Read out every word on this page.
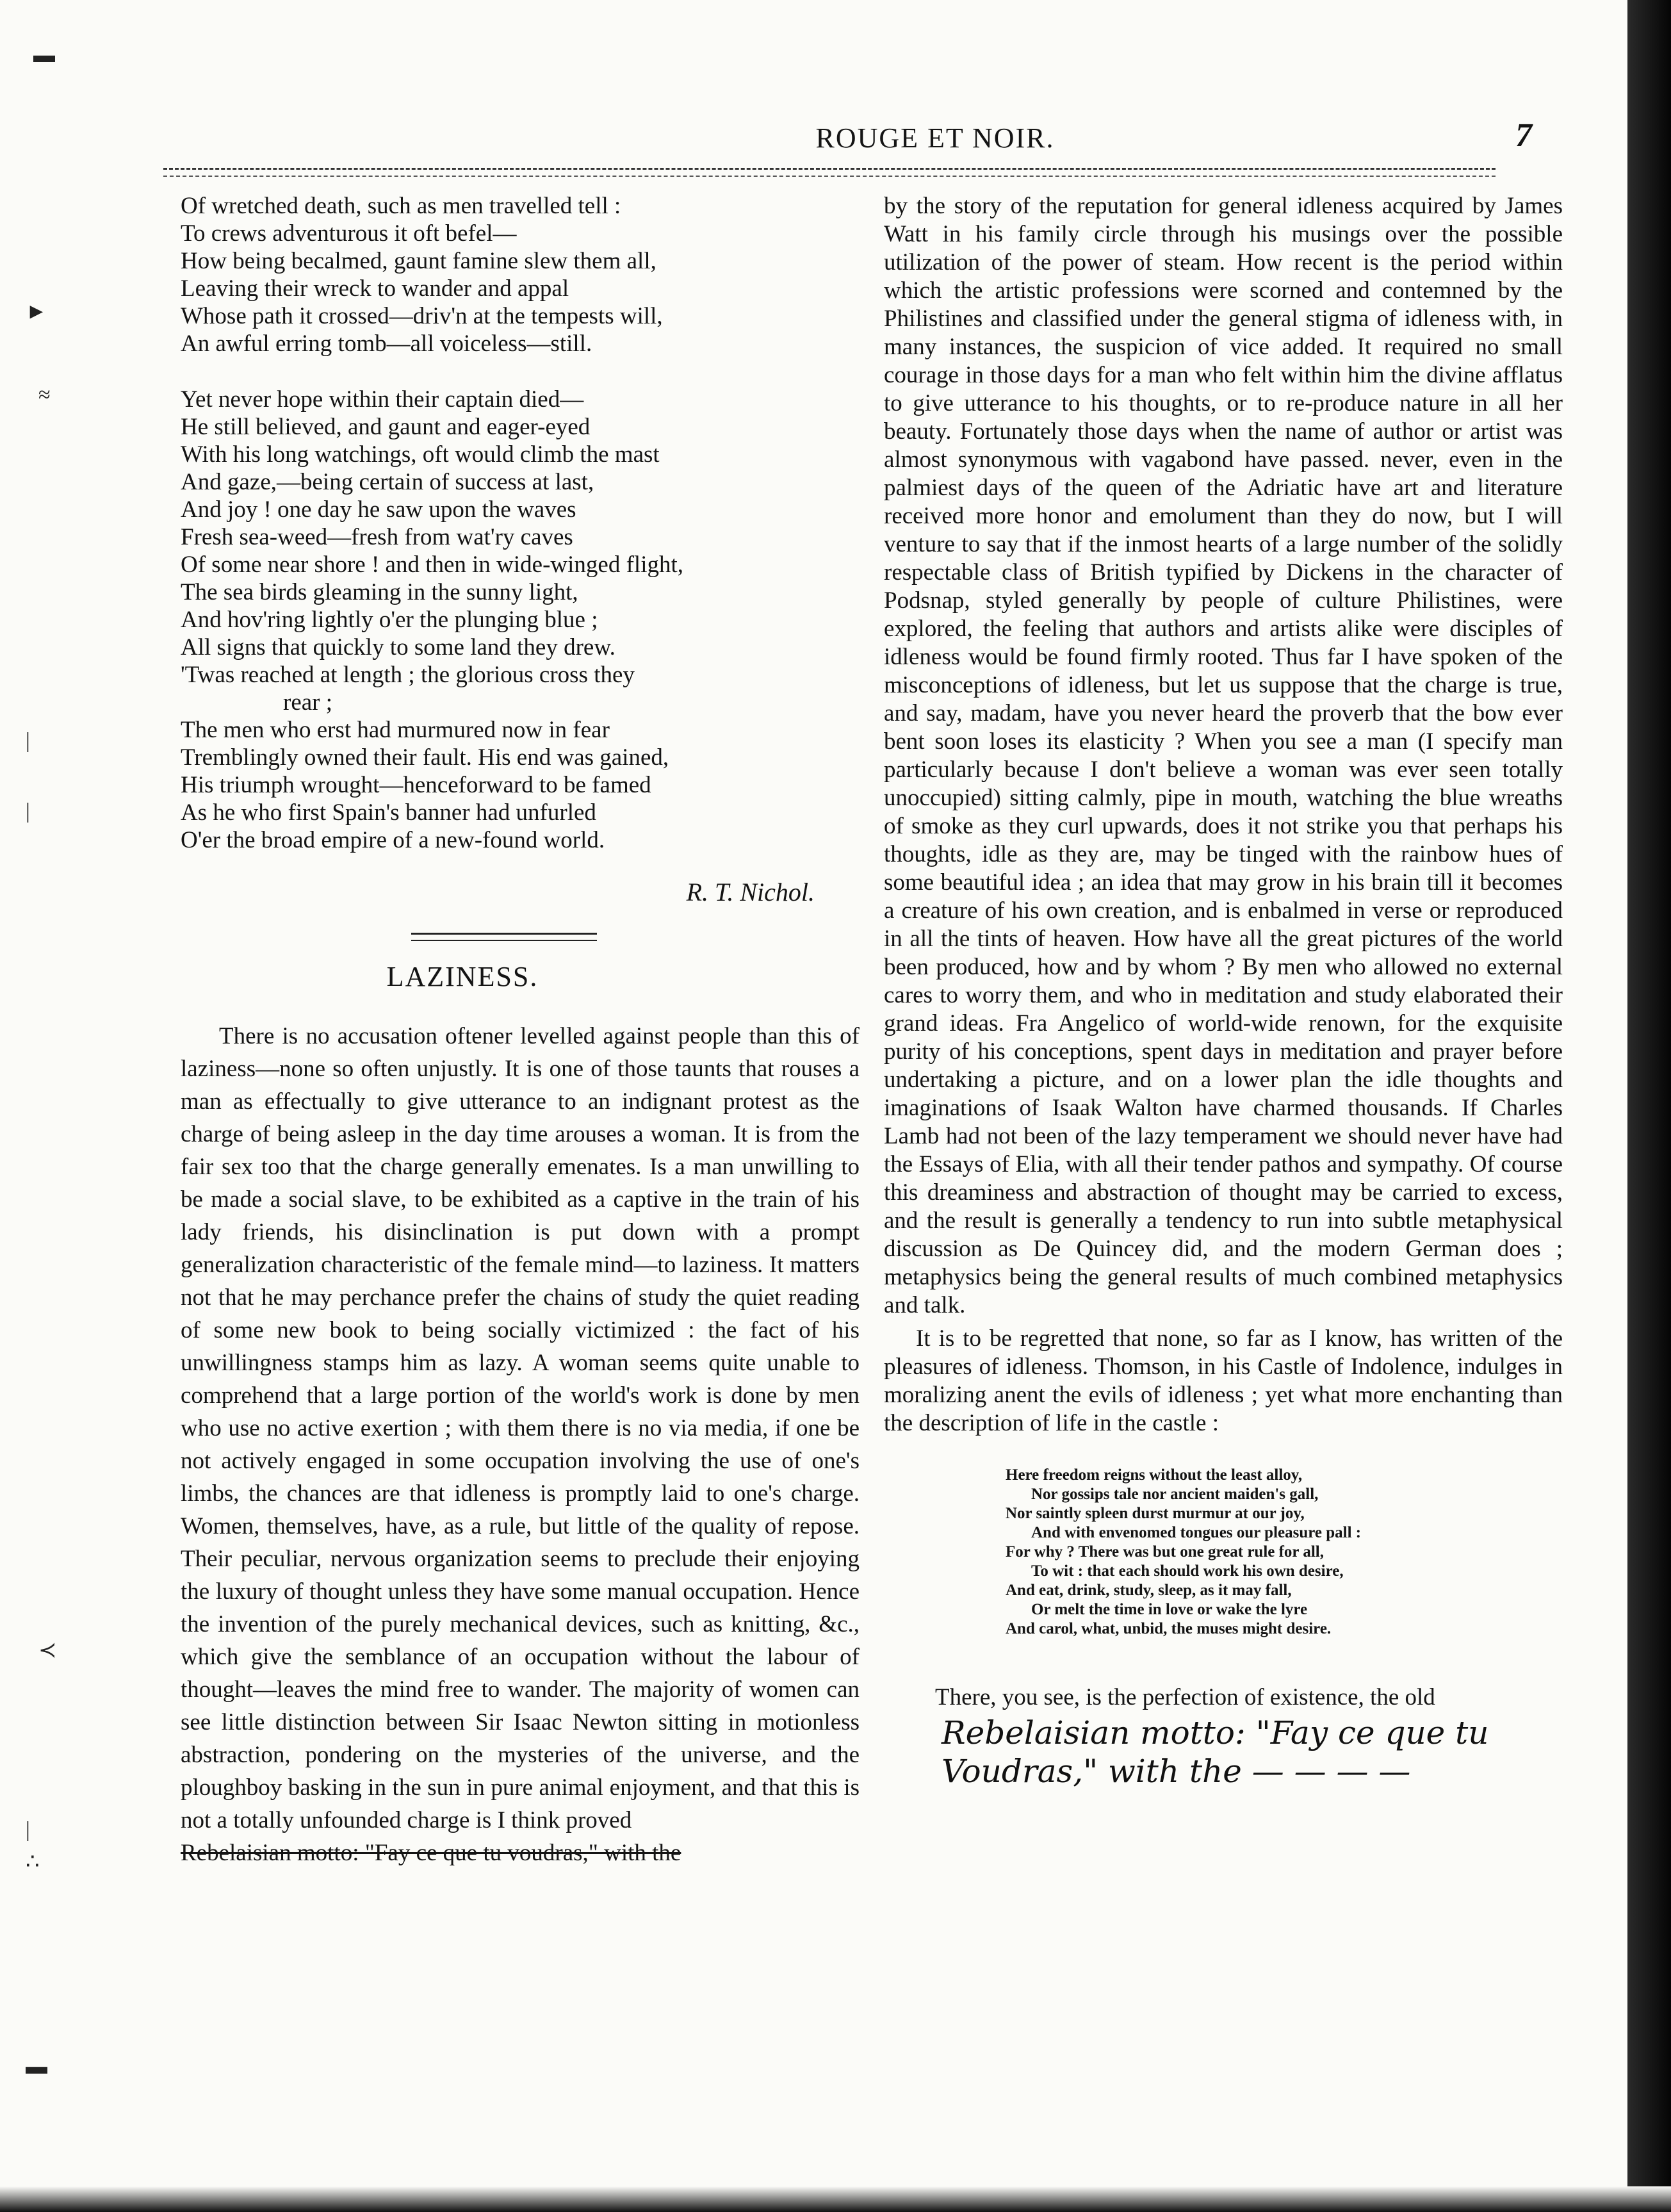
▬
►
≈
|
|
≺
|
∴
▬
ROUGE ET NOIR.	7
Of wretched death, such as men travelled tell :
To crews adventurous it oft befel—
How being becalmed, gaunt famine slew them all,
Leaving their wreck to wander and appal
Whose path it crossed—driv'n at the tempests will,
An awful erring tomb—all voiceless—still.
Yet never hope within their captain died—
He still believed, and gaunt and eager-eyed
With his long watchings, oft would climb the mast
And gaze,—being certain of success at last,
And joy ! one day he saw upon the waves
Fresh sea-weed—fresh from wat'ry caves
Of some near shore ! and then in wide-winged flight,
The sea birds gleaming in the sunny light,
And hov'ring lightly o'er the plunging blue ;
All signs that quickly to some land they drew.
'Twas reached at length ; the glorious cross they
rear ;
The men who erst had murmured now in fear
Tremblingly owned their fault. His end was gained,
His triumph wrought—henceforward to be famed
As he who first Spain's banner had unfurled
O'er the broad empire of a new-found world.
R. T. Nichol.
LAZINESS.
There is no accusation oftener levelled against people than this of laziness—none so often unjustly. It is one of those taunts that rouses a man as effectually to give utterance to an indignant protest as the charge of being asleep in the day time arouses a woman. It is from the fair sex too that the charge generally emenates. Is a man unwilling to be made a social slave, to be exhibited as a captive in the train of his lady friends, his disinclination is put down with a prompt generalization characteristic of the female mind—to laziness. It matters not that he may perchance prefer the chains of study the quiet reading of some new book to being socially victimized : the fact of his unwillingness stamps him as lazy. A woman seems quite unable to comprehend that a large portion of the world's work is done by men who use no active exertion ; with them there is no via media, if one be not actively engaged in some occupation involving the use of one's limbs, the chances are that idleness is promptly laid to one's charge. Women, themselves, have, as a rule, but little of the quality of repose. Their peculiar, nervous organization seems to preclude their enjoying the luxury of thought unless they have some manual occupation. Hence the invention of the purely mechanical devices, such as knitting, &c., which give the semblance of an occupation without the labour of thought—leaves the mind free to wander. The majority of women can see little distinction between Sir Isaac Newton sitting in motionless abstraction, pondering on the mysteries of the universe, and the ploughboy basking in the sun in pure animal enjoyment, and that this is not a totally unfounded charge is I think proved
Rebelaisian motto: "Fay ce que tu voudras," with the
by the story of the reputation for general idleness acquired by James Watt in his family circle through his musings over the possible utilization of the power of steam. How recent is the period within which the artistic professions were scorned and contemned by the Philistines and classified under the general stigma of idleness with, in many instances, the suspicion of vice added. It required no small courage in those days for a man who felt within him the divine afflatus to give utterance to his thoughts, or to re-produce nature in all her beauty. Fortunately those days when the name of author or artist was almost synonymous with vagabond have passed. never, even in the palmiest days of the queen of the Adriatic have art and literature received more honor and emolument than they do now, but I will venture to say that if the inmost hearts of a large number of the solidly respectable class of British typified by Dickens in the character of Podsnap, styled generally by people of culture Philistines, were explored, the feeling that authors and artists alike were disciples of idleness would be found firmly rooted. Thus far I have spoken of the misconceptions of idleness, but let us suppose that the charge is true, and say, madam, have you never heard the proverb that the bow ever bent soon loses its elasticity ? When you see a man (I specify man particularly because I don't believe a woman was ever seen totally unoccupied) sitting calmly, pipe in mouth, watching the blue wreaths of smoke as they curl upwards, does it not strike you that perhaps his thoughts, idle as they are, may be tinged with the rainbow hues of some beautiful idea ; an idea that may grow in his brain till it becomes a creature of his own creation, and is enbalmed in verse or reproduced in all the tints of heaven. How have all the great pictures of the world been produced, how and by whom ? By men who allowed no external cares to worry them, and who in meditation and study elaborated their grand ideas. Fra Angelico of world-wide renown, for the exquisite purity of his conceptions, spent days in meditation and prayer before undertaking a picture, and on a lower plan the idle thoughts and imaginations of Isaak Walton have charmed thousands. If Charles Lamb had not been of the lazy temperament we should never have had the Essays of Elia, with all their tender pathos and sympathy. Of course this dreaminess and abstraction of thought may be carried to excess, and the result is generally a tendency to run into subtle metaphysical discussion as De Quincey did, and the modern German does ; metaphysics being the general results of much combined metaphysics and talk.
It is to be regretted that none, so far as I know, has written of the pleasures of idleness. Thomson, in his Castle of Indolence, indulges in moralizing anent the evils of idleness ; yet what more enchanting than the description of life in the castle :
Here freedom reigns without the least alloy,
Nor gossips tale nor ancient maiden's gall,
Nor saintly spleen durst murmur at our joy,
And with envenomed tongues our pleasure pall :
For why ? There was but one great rule for all,
To wit : that each should work his own desire,
And eat, drink, study, sleep, as it may fall,
Or melt the time in love or wake the lyre
And carol, what, unbid, the muses might desire.
There, you see, is the perfection of existence, the old
Rebelaisian motto: "Fay ce que tu
Voudras," with the — — — —
